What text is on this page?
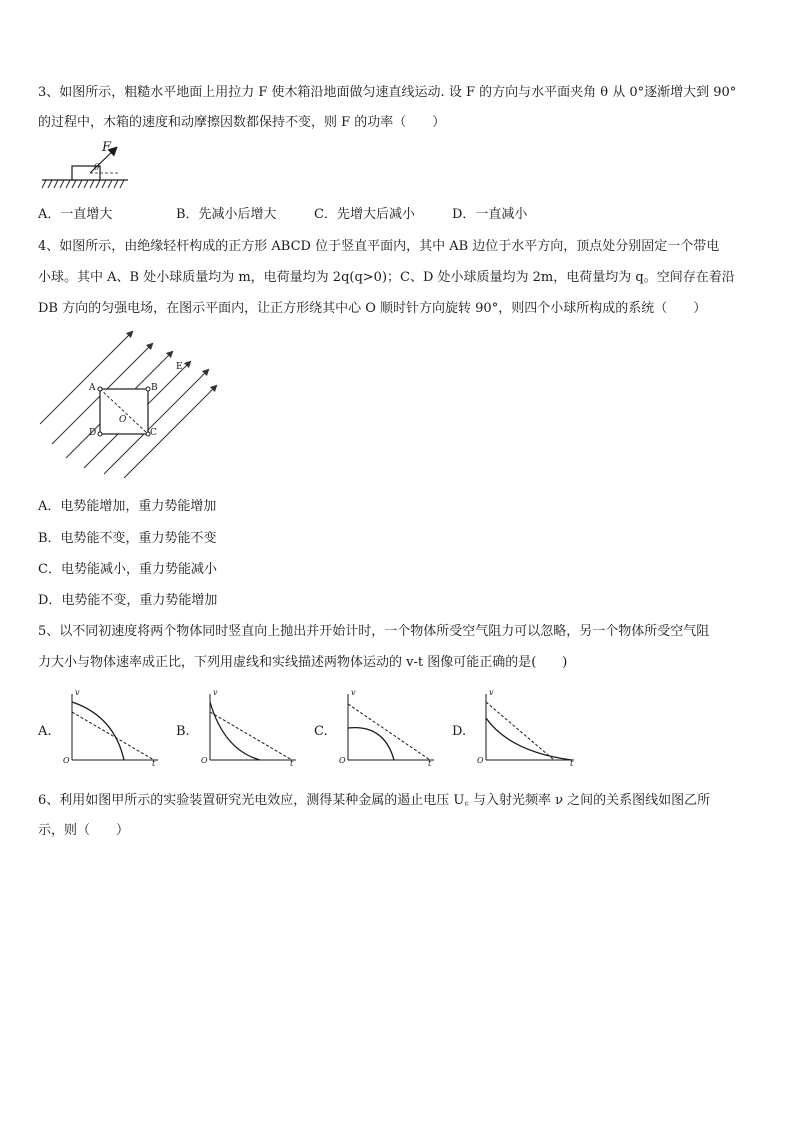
3、如图所示，粗糙水平地面上用拉力 F 使木箱沿地面做匀速直线运动. 设 F 的方向与水平面夹角 θ 从 0°逐渐增大到 90°
的过程中，木箱的速度和动摩擦因数都保持不变，则 F 的功率（　　）
F
θ
A．一直增大	B．先减小后增大	C．先增大后减小	D．一直减小
4、如图所示，由绝缘轻杆构成的正方形 ABCD 位于竖直平面内，其中 AB 边位于水平方向，顶点处分别固定一个带电
小球。其中 A、B 处小球质量均为 m，电荷量均为 2q(q>0)；C、D 处小球质量均为 2m，电荷量均为 q。空间存在着沿
DB 方向的匀强电场，在图示平面内，让正方形绕其中心 O 顺时针方向旋转 90°，则四个小球所构成的系统（　　）
A	B
C
D
O
E
A．电势能增加，重力势能增加
B．电势能不变，重力势能不变
C．电势能减小，重力势能减小
D．电势能不变，重力势能增加
5、以不同初速度将两个物体同时竖直向上抛出并开始计时，一个物体所受空气阻力可以忽略，另一个物体所受空气阻
力大小与物体速率成正比，下列用虚线和实线描述两物体运动的 v-t 图像可能正确的是(　　)
A.
v
O	t
B.
v
O	t
C.
v
O	t
D.
v
O	t
6、利用如图甲所示的实验装置研究光电效应，测得某种金属的遏止电压 U꜀ 与入射光频率 ν 之间的关系图线如图乙所
示，则（　　）
